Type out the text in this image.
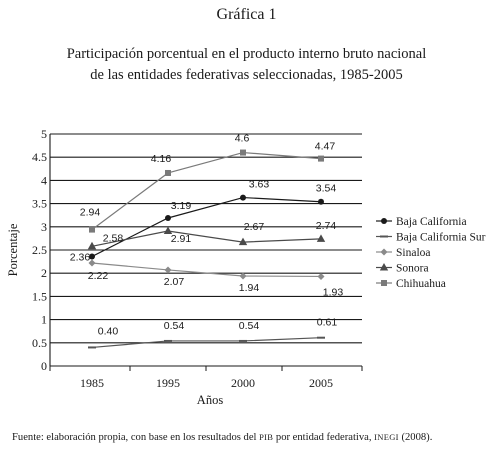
Gráfica 1
Participación porcentual en el producto interno bruto nacional
de las entidades federativas seleccionadas, 1985-2005
0
0.5
1
1.5
2
2.5
3
3.5
4
4.5
5
1985	1995	2000	2005
Años
Porcentaje	2.36
3.19
3.63	3.54
0.40	0.54	0.54	0.61
2.22	2.07
1.94	1.93
2.58	2.91
2.67	2.74
2.94
4.16
4.6
4.47
Baja California
Baja California Sur
Sinaloa
Sonora
Chihuahua
Fuente: elaboración propia, con base en los resultados del PIB por entidad federativa, INEGI (2008).
